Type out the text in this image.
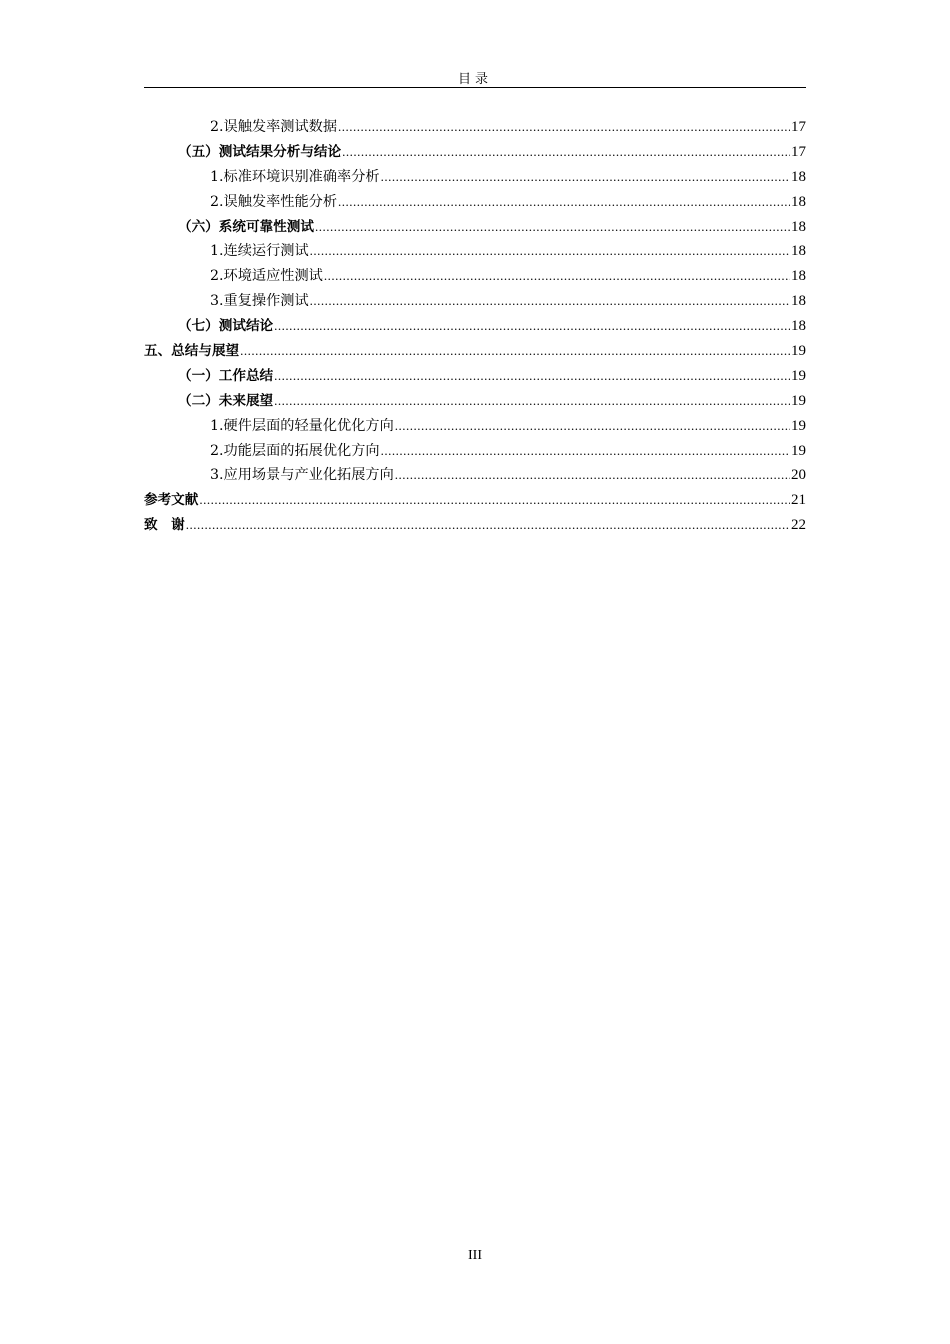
目录
2.误触发率测试数据 .....	17
（五）测试结果分析与结论 .....	17
1.标准环境识别准确率分析 .....	18
2.误触发率性能分析 .....	18
（六）系统可靠性测试 .....	18
1.连续运行测试 .....	18
2.环境适应性测试 .....	18
3.重复操作测试 .....	18
（七）测试结论 .....	18
五、总结与展望 .....	19
（一）工作总结 .....	19
（二）未来展望 .....	19
1.硬件层面的轻量化优化方向 .....	19
2.功能层面的拓展优化方向 .....	19
3.应用场景与产业化拓展方向 .....	20
参考文献 .....	21
致　谢 .....	22
III
